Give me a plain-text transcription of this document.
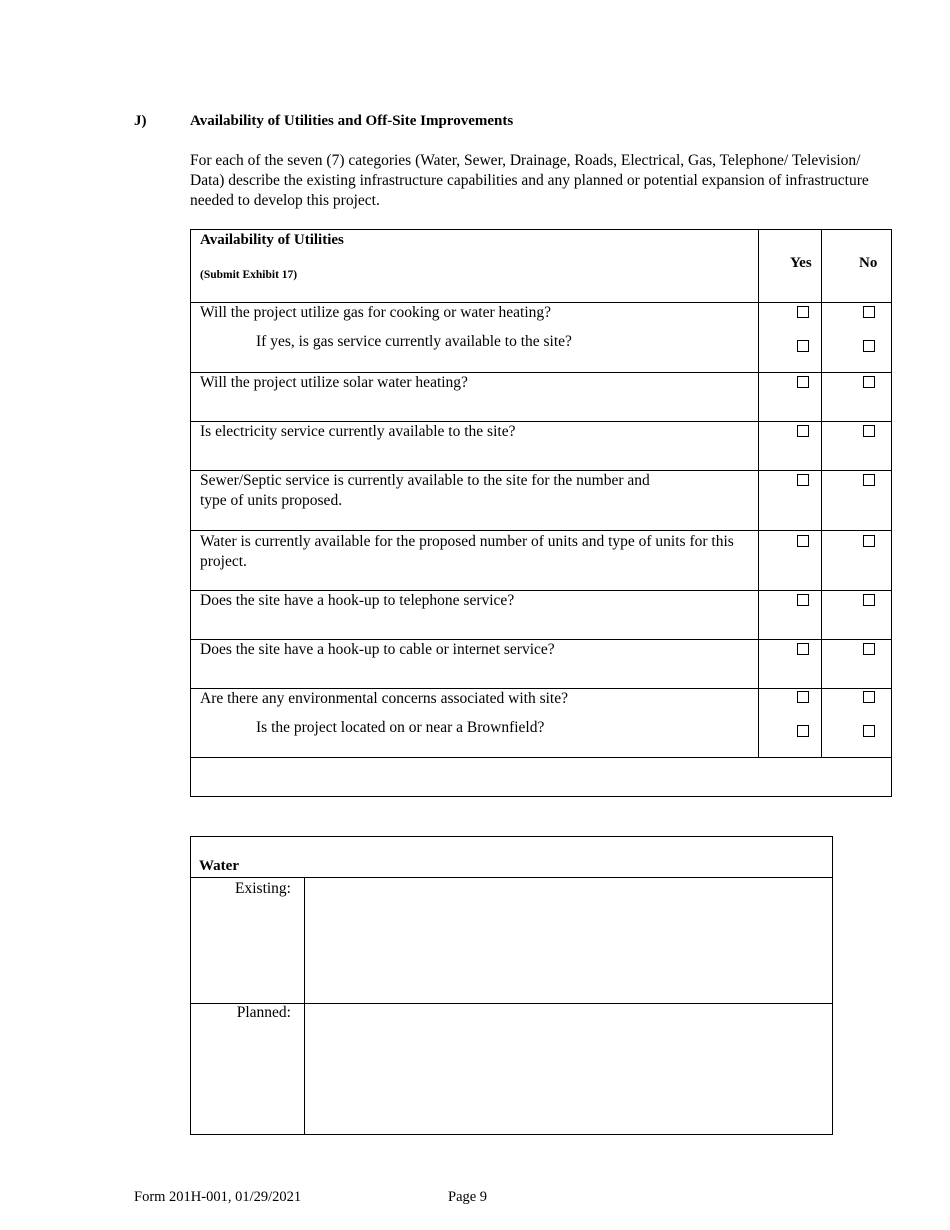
J)	Availability of Utilities and Off-Site Improvements
For each of the seven (7) categories (Water, Sewer, Drainage, Roads, Electrical, Gas, Telephone/ Television/ Data) describe the existing infrastructure capabilities and any planned or potential expansion of infrastructure needed to develop this project.
Availability of Utilities
(Submit Exhibit 17)
Yes	No
Will the project utilize gas for cooking or water heating?
If yes, is gas service currently available to the site?
Will the project utilize solar water heating?
Is electricity service currently available to the site?
Sewer/Septic service is currently available to the site for the number and type of units proposed.
Water is currently available for the proposed number of units and type of units for this project.
Does the site have a hook-up to telephone service?
Does the site have a hook-up to cable or internet service?
Are there any environmental concerns associated with site?
Is the project located on or near a Brownfield?
Water
Existing:
Planned:
Form 201H-001, 01/29/2021	Page 9
